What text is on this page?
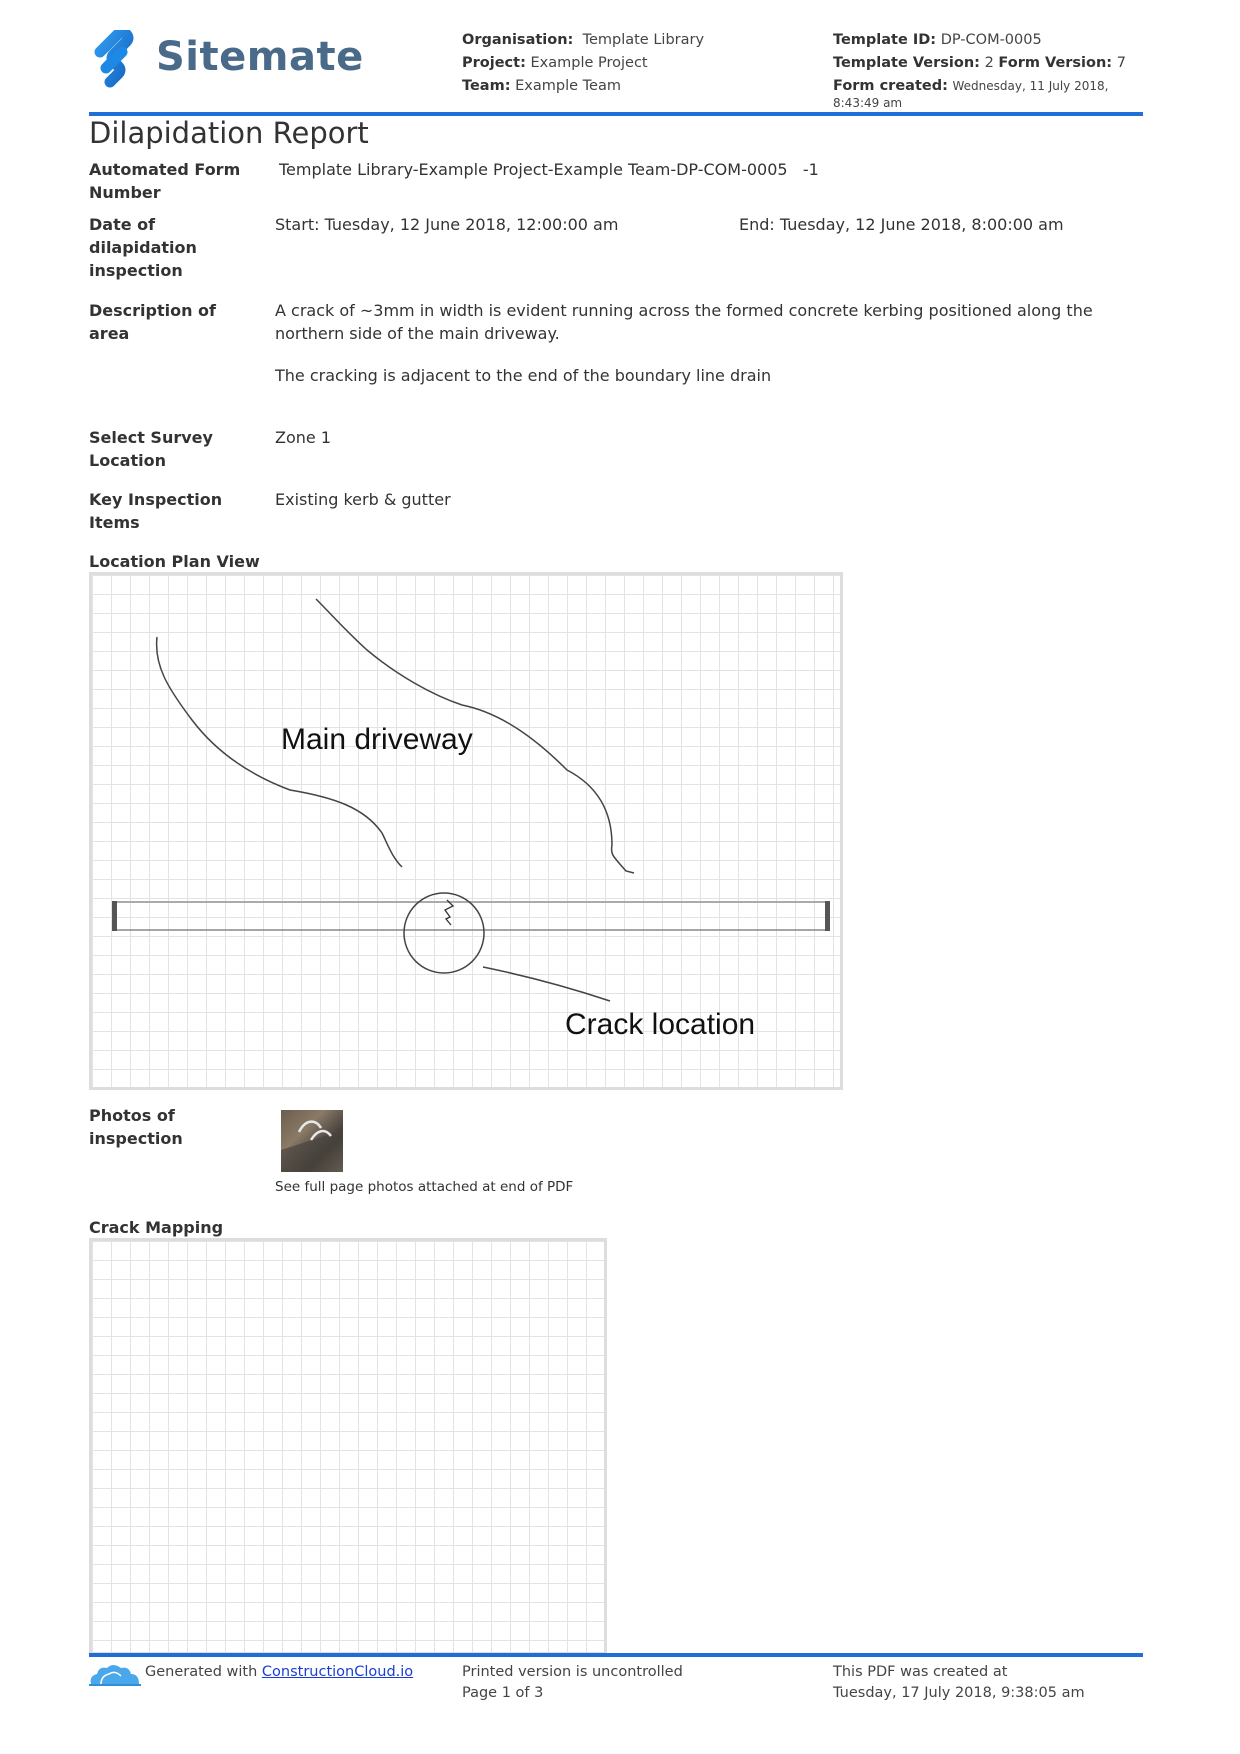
Sitemate	Organisation: Template Library
Project: Example Project
Team: Example Team
Template ID: DP-COM-0005
Template Version: 2 Form Version: 7
Form created: Wednesday, 11 July 2018, 8:43:49 am
Dilapidation Report
Automated Form Number
Template Library-Example Project-Example Team-DP-COM-0005   -1
Date of dilapidation inspection
Start: Tuesday, 12 June 2018, 12:00:00 am	End: Tuesday, 12 June 2018, 8:00:00 am
Description of area
A crack of ~3mm in width is evident running across the formed concrete kerbing positioned along the northern side of the main driveway.
The cracking is adjacent to the end of the boundary line drain
Select Survey Location
Zone 1
Key Inspection Items
Existing kerb & gutter
Location Plan View
Main driveway
Crack location
Photos of inspection
See full page photos attached at end of PDF
Crack Mapping
Generated with ConstructionCloud.io	Printed version is uncontrolled
Page 1 of 3
This PDF was created at
Tuesday, 17 July 2018, 9:38:05 am
